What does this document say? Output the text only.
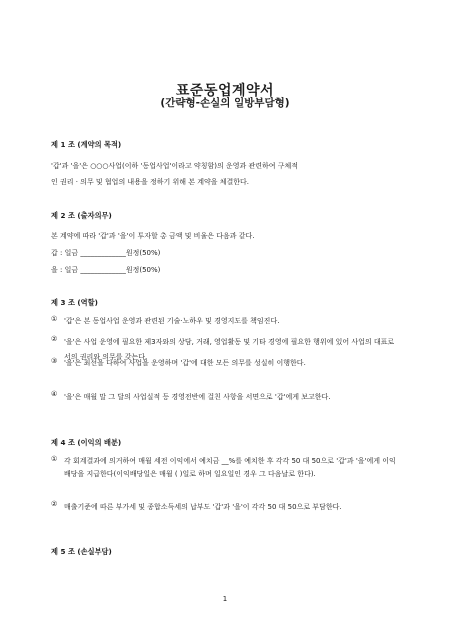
표준동업계약서
(간략형-손실의 일방부담형)
제 1 조 (계약의 목적)
'갑'과 '을'은 ○○○사업(이하 '동업사업'이라고 약칭함)의 운영과 관련하여 구체적
인 권리 · 의무 및 협업의 내용을 정하기 위해 본 계약을 체결한다.
제 2 조 (출자의무)
본 계약에 따라 '갑'과 '을'이 투자할 총 금액 및 비율은 다음과 같다.
갑 : 일금 _____________원정(50%)
을 : 일금 _____________원정(50%)
제 3 조 (역할)
① '갑'은 본 동업사업 운영과 관련된 기술·노하우 및 경영지도를 책임진다.
② '을'은 사업 운영에 필요한 제3자와의 상담, 거래, 영업활동 및 기타 경영에 필요한 행위에 있어 사업의 대표로서의 권리와 의무를 갖는다.
③ '을'은 최선을 다하여 사업을 운영하며 '갑'에 대한 모든 의무를 성실히 이행한다.
④ '을'은 매월 말 그 달의 사업실적 등 경영전반에 걸친 사항을 서면으로 '갑'에게 보고한다.
제 4 조 (이익의 배분)
① 각 회계결과에 의거하여 매월 세전 이익에서 예치금 __%를 예치한 후 각각 50 대 50으로 '갑'과 '을'에게 이익배당을 지급한다(이익배당일은 매월 ( )일로 하며 일요일인 경우 그 다음날로 한다).
② 매출기준에 따른 부가세 및 종합소득세의 납부도 '갑'과 '을'이 각각 50 대 50으로 부담한다.
제 5 조 (손실부담)
1
